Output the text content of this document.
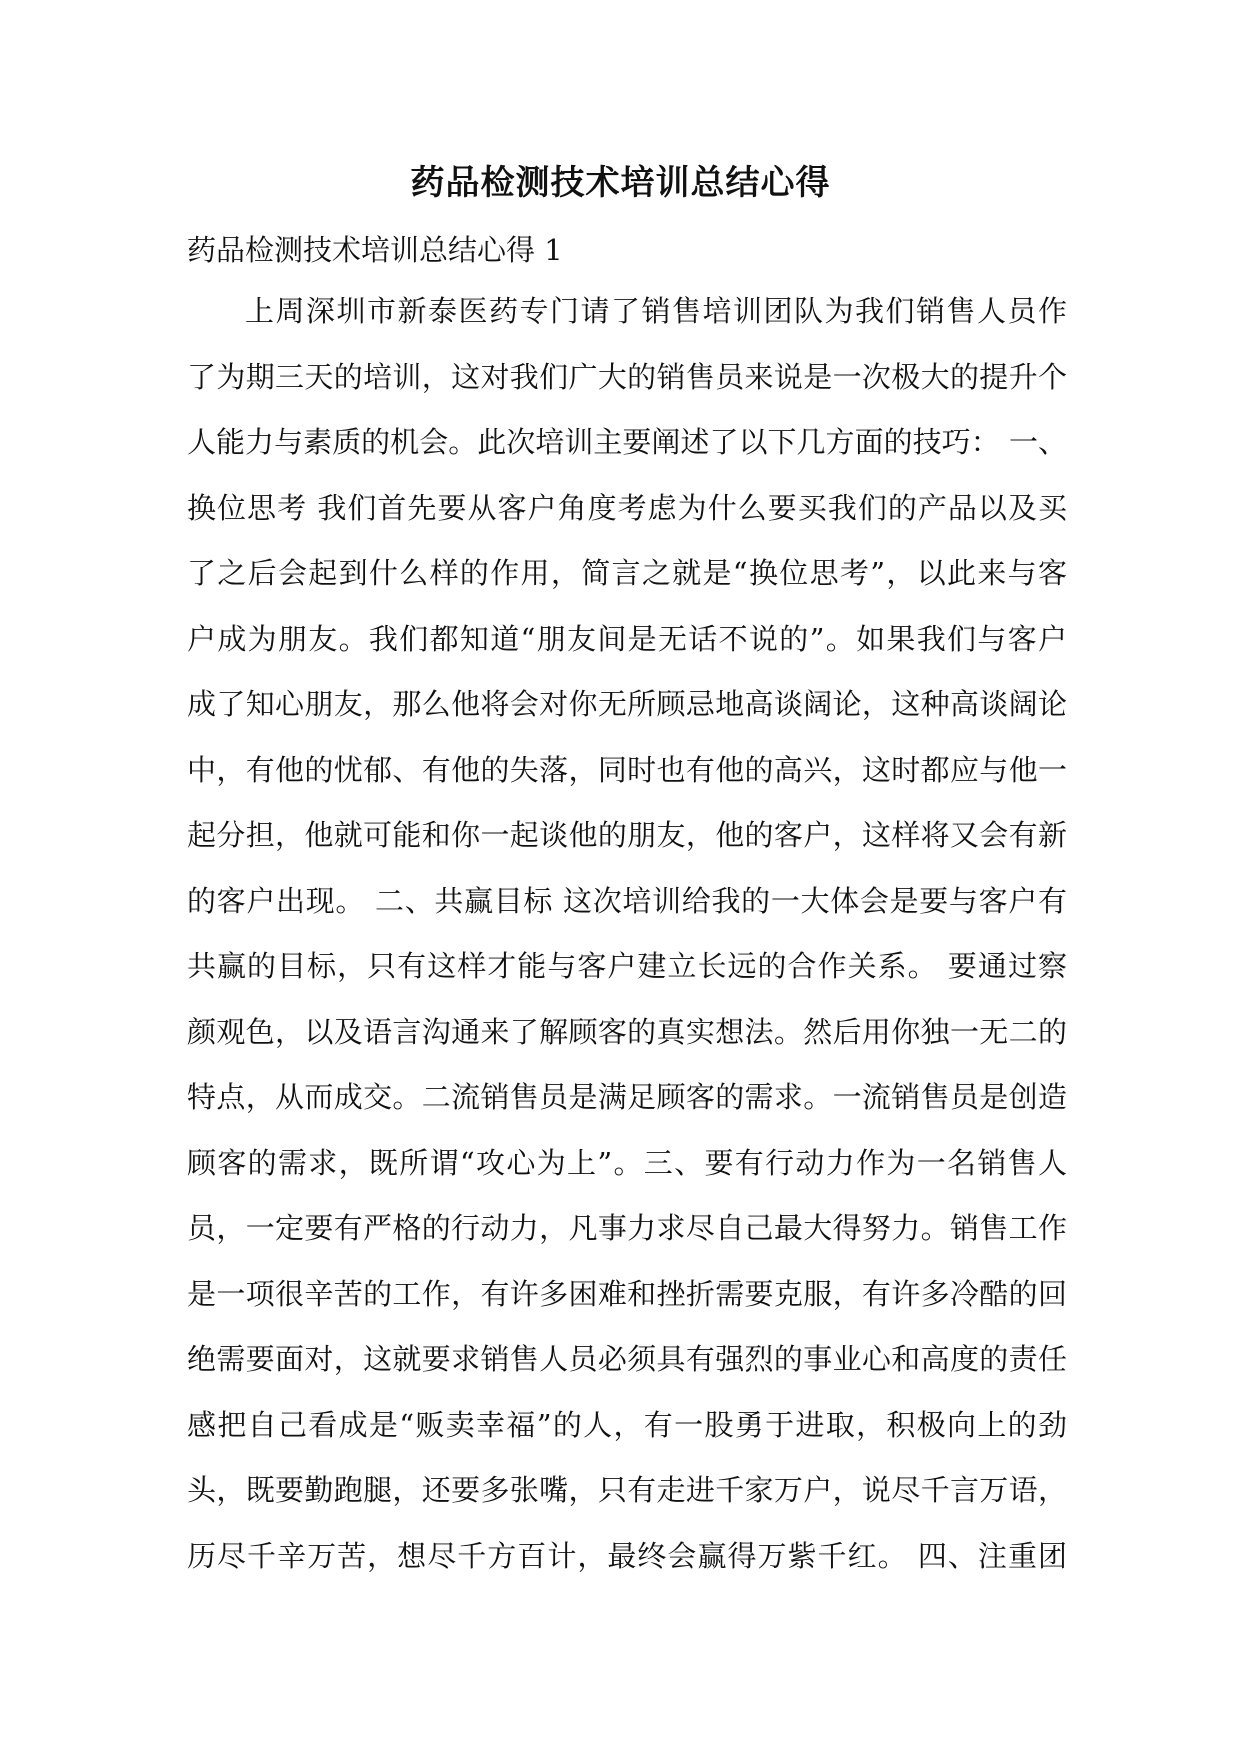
药品检测技术培训总结心得
药品检测技术培训总结心得 1
上周深圳市新泰医药专门请了销售培训团队为我们销售人员作
了为期三天的培训，这对我们广大的销售员来说是一次极大的提升个
人能力与素质的机会。此次培训主要阐述了以下几方面的技巧： 一、
换位思考 我们首先要从客户角度考虑为什么要买我们的产品以及买
了之后会起到什么样的作用，简言之就是“换位思考”，以此来与客
户成为朋友。我们都知道“朋友间是无话不说的”。如果我们与客户
成了知心朋友，那么他将会对你无所顾忌地高谈阔论，这种高谈阔论
中，有他的忧郁、有他的失落，同时也有他的高兴，这时都应与他一
起分担，他就可能和你一起谈他的朋友，他的客户，这样将又会有新
的客户出现。 二、共赢目标 这次培训给我的一大体会是要与客户有
共赢的目标，只有这样才能与客户建立长远的合作关系。 要通过察
颜观色，以及语言沟通来了解顾客的真实想法。然后用你独一无二的
特点，从而成交。二流销售员是满足顾客的需求。一流销售员是创造
顾客的需求，既所谓“攻心为上”。三、要有行动力作为一名销售人
员，一定要有严格的行动力，凡事力求尽自己最大得努力。销售工作
是一项很辛苦的工作，有许多困难和挫折需要克服，有许多冷酷的回
绝需要面对，这就要求销售人员必须具有强烈的事业心和高度的责任
感把自己看成是“贩卖幸福”的人，有一股勇于进取，积极向上的劲
头，既要勤跑腿，还要多张嘴，只有走进千家万户，说尽千言万语，
历尽千辛万苦，想尽千方百计，最终会赢得万紫千红。 四、注重团
